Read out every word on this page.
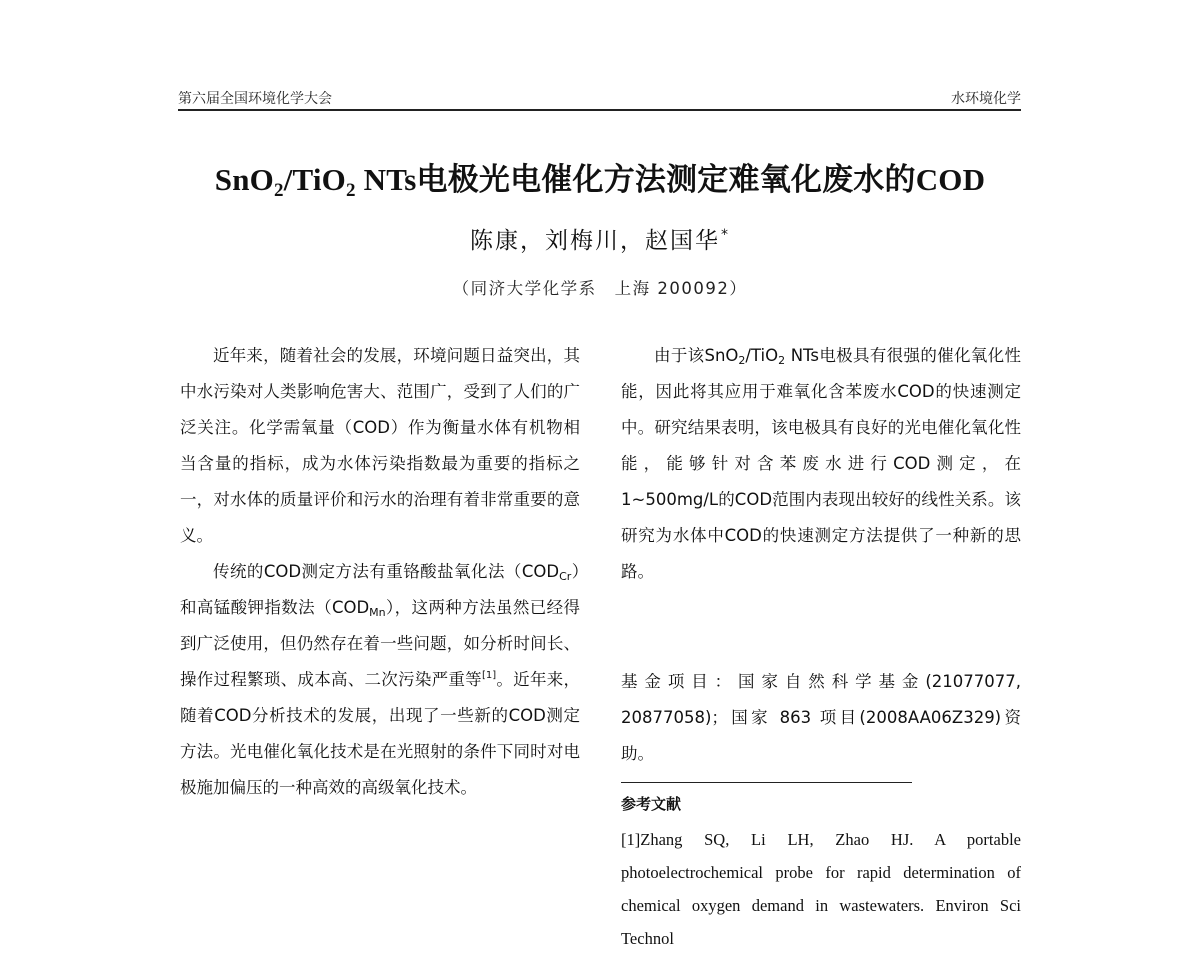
第六届全国环境化学大会	水环境化学
SnO$_2$/TiO$_2$ NTs电极光电催化方法测定难氧化废水的COD
陈康，刘梅川，赵国华*
（同济大学化学系　上海 200092）

近年来，随着社会的发展，环境问题日益突出，其中水污染对人类影响危害大、范围广，受到了人们的广泛关注。化学需氧量（COD）作为衡量水体有机物相当含量的指标，成为水体污染指数最为重要的指标之一，对水体的质量评价和污水的治理有着非常重要的意义。

传统的COD测定方法有重铬酸盐氧化法$(COD_{Cr})$和高锰酸钾指数法$(COD_{Mn})$，这两种方法虽然已经得到广泛使用，但仍然存在着一些问题，如分析时间长、操作过程繁琐、成本高、二次污染严重等[1]。近年来，随着COD分析技术的发展，出现了一些新的COD测定方法。光电催化氧化技术是在光照射的条件下同时对电极施加偏压的一种高效的高级氧化技术。

由于该SnO$_2$/TiO$_2$ NTs电极具有很强的催化氧化性能，因此将其应用于难氧化含苯废水COD的快速测定中。研究结果表明，该电极具有良好的光电催化氧化性能，能够针对含苯废水进行COD测定，在 1~500mg/L的COD范围内表现出较好的线性关系。该研究为水体中COD的快速测定方法提供了一种新的思路。

基金项目：国家自然科学基金(21077077, 20877058)；国家 863 项目(2008AA06Z329)资助。
参考文献
[1]Zhang SQ, Li LH, Zhao HJ. A portable photoelectrochemical probe for rapid determination of chemical oxygen demand in wastewaters. Environ Sci Technol
